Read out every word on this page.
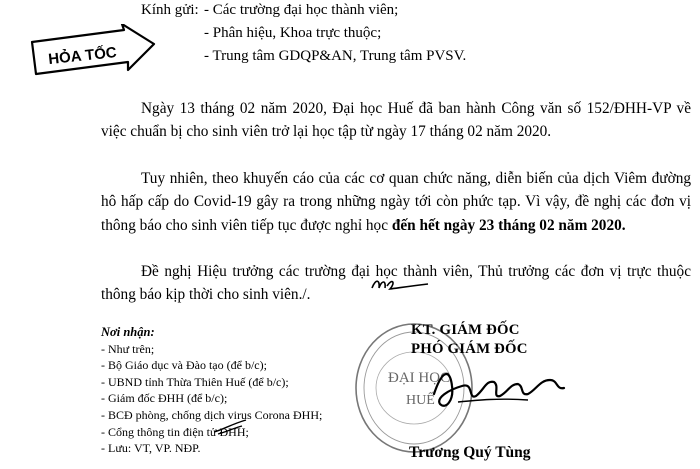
Kính gửi: - Các trường đại học thành viên;
- Phân hiệu, Khoa trực thuộc;
- Trung tâm GDQP&AN, Trung tâm PVSV.
HỎA TỐC
Ngày 13 tháng 02 năm 2020, Đại học Huế đã ban hành Công văn số 152/ĐHH-VP về việc chuẩn bị cho sinh viên trở lại học tập từ ngày 17 tháng 02 năm 2020.
Tuy nhiên, theo khuyến cáo của các cơ quan chức năng, diễn biến của dịch Viêm đường hô hấp cấp do Covid-19 gây ra trong những ngày tới còn phức tạp. Vì vậy, đề nghị các đơn vị thông báo cho sinh viên tiếp tục được nghỉ học đến hết ngày 23 tháng 02 năm 2020.
Đề nghị Hiệu trưởng các trường đại học thành viên, Thủ trưởng các đơn vị trực thuộc thông báo kịp thời cho sinh viên./.
Nơi nhận:
- Như trên;
- Bộ Giáo dục và Đào tạo (để b/c);
- UBND tỉnh Thừa Thiên Huế (để b/c);
- Giám đốc ĐHH (để b/c);
- BCĐ phòng, chống dịch virus Corona ĐHH;
- Cổng thông tin điện tử ĐHH;
- Lưu: VT, VP. NĐP.
ĐẠI HỌC
HUẾ
KT. GIÁM ĐỐC
PHÓ GIÁM ĐỐC
Trương Quý Tùng
